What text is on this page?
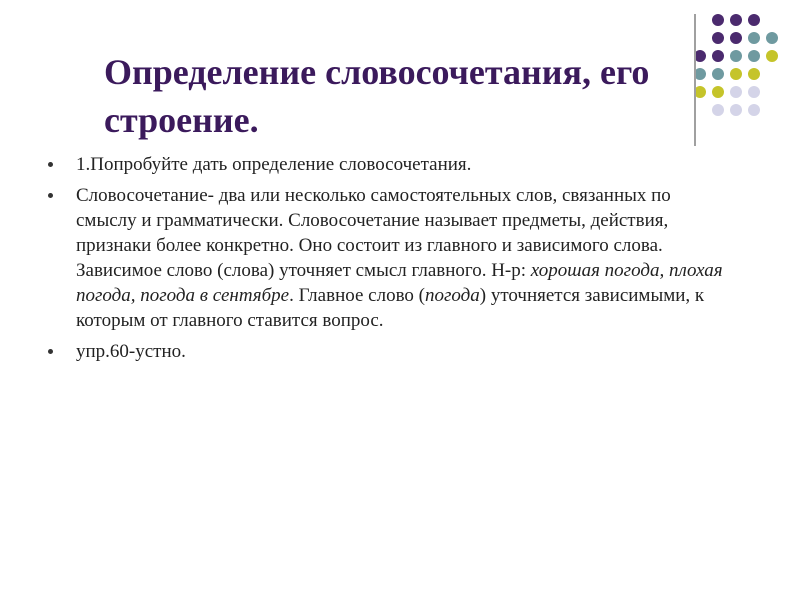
Определение словосочетания, его строение.
1.Попробуйте дать определение словосочетания.
Словосочетание- два или несколько самостоятельных слов, связанных по смыслу и грамматически. Словосочетание называет предметы, действия, признаки более конкретно. Оно состоит из главного и зависимого слова. Зависимое слово (слова) уточняет смысл главного. Н-р: хорошая погода, плохая погода, погода в сентябре. Главное слово (погода) уточняется зависимыми, к которым от главного ставится вопрос.
упр.60-устно.
